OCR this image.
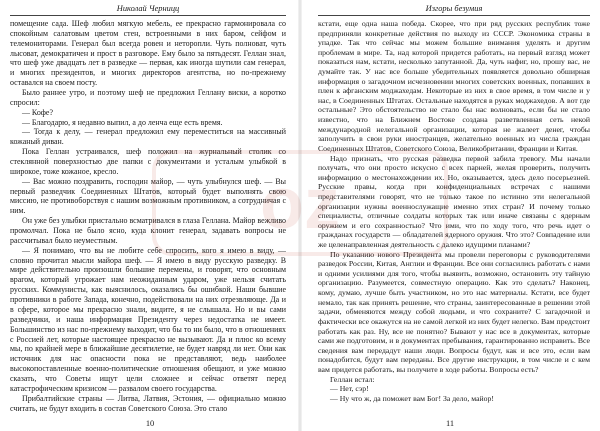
Николай Черницц

помещение сада. Шеф любил мягкую мебель, ее прекрасно гармонировала со спокойным салатовым цветом стен, встроенными в них баром, сейфом и телемониторами. Генерал был всегда ровен и неторопли. Чуть полноват, чуть лысоват, демократичен и прост в разговоре. Ему было за пятьдесят. Геллан знал, что шеф уже двадцать лет в разведке — первая, как иногда шутили сам генерал, и многих президентов, и многих директоров агентства, но по-прежнему оставался на своем посту.

Было раннее утро, и поэтому шеф не предложил Геллану виски, а коротко спросил:

— Кофе?

— Благодарю, я недавно выпил, а до ленча еще есть время.

— Тогда к делу, — генерал предложил ему переместиться на массивный кожаный диван.

Пока Геллан устраивался, шеф положил на журнальный столик со стеклянной поверхностью две папки с документами и усталым улыбкой в широкое, тоже кожаное, кресло.

— Вас можно поздравить, господин майор, — чуть улыбнулся шеф. — Вы первый разведчик Соединенных Штатов, который будет выполнять свою миссию, не противоборствуя с нашим возможным противником, а сотрудничая с ним.

Он уже без улыбки пристально всматривался в глаза Геллана. Майор вежливо промолчал. Пока не было ясно, куда клонит генерал, задавать вопросы не рассчитывал было неуместным.

— Я понимаю, что вы не любите себе спросить, кого я имею в виду, — словно прочитал мысли майора шеф. — Я имею в виду русскую разведку. В мире действительно произошли большие перемены, и говорят, что основным врагом, который угрожает нам неожиданным ударом, уже нельзя считать русских. Коммунисты, как выяснилось, оказались бы ошибкой. Наши бывшие противники в работе Запада, конечно, подействовали на них отрезвляюще. Да и в сфере, которое мы прекрасно знали, видите, я не слышала. Но и вы сами разведчики, и наша информация Президенту через недостатка не имеет. Большинство из нас по-прежнему выходит, что бы то ни было, что в отношениях с Россией лет, которые настоящее прекрасно не вызывают. Да и плюс ко всему мы, по крайней мере в ближайшие десятилетие, не будет навряд ли нет. Они как источник для нас опасности пока не представляют, ведь наиболее высокопоставленные военно-политические отношения обещают, и уже можно сказать, что Советы ищут цели сложнее и сейчас ответят перед катастрофическим кризисом — развалом своего государства.

Прибалтийские страны — Литва, Латвия, Эстония, — официально можно считать, не будут входить в состав Советского Союза. Это стало

10
Изгоры безумия

кстати, еще одна наша победа. Скорее, что при ряд русских республик тоже предприняли конкретные действия по выходу из СССР. Экономика страны в упадке. Так что сейчас мы можем большие внимания уделять и другим проблемам в мире. Та, над которой придется работать, на первый взгляд может показаться нам, кстати, несколько запутанной. Да, чуть нафиг, но, прошу вас, не думайте так. У нас все больше убедительных появляется довольно обширная информация о загадочном исчезновении многих советских военных, попавших в плен к афганским моджахедам. Некоторые из них в свое время, в том числе и у нас, в Соединенных Штатах. Остальные находятся в руках моджахедов. А вот где остальные? Это обстоятельство не стало бы нас волновать, если бы не стало известно, что на Ближнем Востоке создана разветвленная сеть некой международной нелегальной организации, которая не жалеет денег, чтобы заполучить в свои руки иностранцев, желательно военных из числа граждан Соединенных Штатов, Советского Союза, Великобритании, Франции и Китая.

Надо признать, что русская разведка первой забила тревогу. Мы начали получать, что они просто искусно с всех парней, желая проверить, получить информацию о местонахождении их. Но, оказывается, здесь дело посерьезней. Русские правы, когда при конфиденциальных встречах с нашими представителями говорят, что не только такое по истинно эти нелегальной организации нужны военнослужащие именно этих стран? И почему только специалисты, отличные солдаты которых так или иначе связаны с ядерным оружием и его сохранностью? Что ими, что по ходу того, что речь идет о гражданах государств — обладателей ядерного оружия. Что это? Совпадение или же целенаправленная деятельность с далеко идущими планами?

По указанию нового Президента мы провели переговоры с руководителями разведок России, Китая, Англии и Франции. Все они согласились работать с нами и одними усилиями для того, чтобы выявить, возможно, остановить эту тайную организацию. Разумеется, совместную операцию. Как это сделать? Наконец, кому, думаю, лучше быть участником, но это нас материалы. Кстати, все будет немало, так как принять решение, что страны, заинтересованные в решении этой задачи, обменяются между собой людьми, и что сохраните? С загадочной и фактически все окажутся на не самой легкой из них будет нелегко. Вам предстоит работать как раз. Ну, все не понятно? Бывают у нас все в документах, которые сами же подготовим, и в документах пребывания, гарантированно исправить. Все сведения вам передадут наши люди. Вопросы будут, как и все это, если вам понадобится, будут вам переданы. Все другие инструкции, в том числе и с кем вам придется работать, вы получите в ходе работы. Вопросы есть?

Геллан встал:

— Нет, сэр!

— Ну что ж, да поможет вам Бог! За дело, майор!

11
oz
